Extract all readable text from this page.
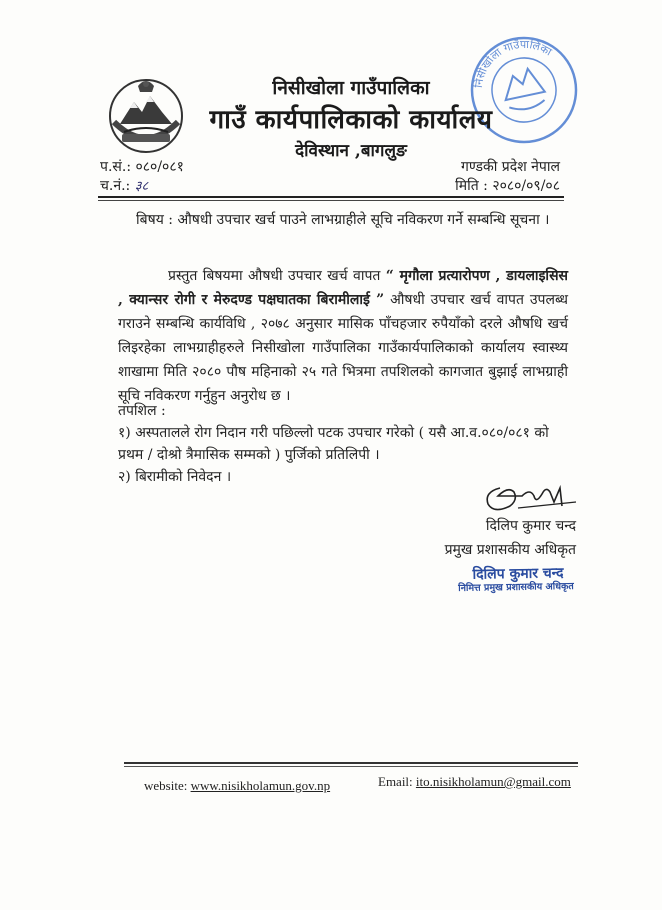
निसीखोला गाउँपालिका
निसीखोला गाउँपालिका
गाउँ कार्यपालिकाको कार्यालय
देविस्थान ,बागलुङ
प.सं.: ०८०/०८१
च.नं.: ३८
गण्डकी प्रदेश नेपाल
मिति : २०८०/०९/०८
बिषय : औषधी उपचार खर्च पाउने लाभग्राहीले सूचि नविकरण गर्ने सम्बन्धि सूचना ।
प्रस्तुत बिषयमा औषधी उपचार खर्च वापत “ मृगौला प्रत्यारोपण , डायलाइसिस , क्यान्सर रोगी र मेरुदण्ड पक्षघातका बिरामीलाई ” औषधी उपचार खर्च वापत उपलब्ध गराउने सम्बन्धि कार्यविधि , २०७८ अनुसार मासिक पाँचहजार रुपैयाँको दरले औषधि खर्च लिइरहेका लाभग्राहीहरुले निसीखोला गाउँपालिका गाउँकार्यपालिकाको कार्यालय स्वास्थ्य शाखामा मिति २०८० पौष महिनाको २५ गते भित्रमा तपशिलको कागजात बुझाई लाभग्राही सूचि नविकरण गर्नुहुन अनुरोध छ ।
तपशिल :
१) अस्पतालले रोग निदान गरी पछिल्लो पटक उपचार गरेको ( यसै आ.व.०८०/०८१ को प्रथम / दोश्रो त्रैमासिक सम्मको ) पुर्जिको प्रतिलिपी ।
२) बिरामीको निवेदन ।
दिलिप कुमार चन्द
प्रमुख प्रशासकीय अधिकृत
दिलिप कुमार चन्द
निमित्त प्रमुख प्रशासकीय अधिकृत
website: www.nisikholamun.gov.np	Email: ito.nisikholamun@gmail.com
